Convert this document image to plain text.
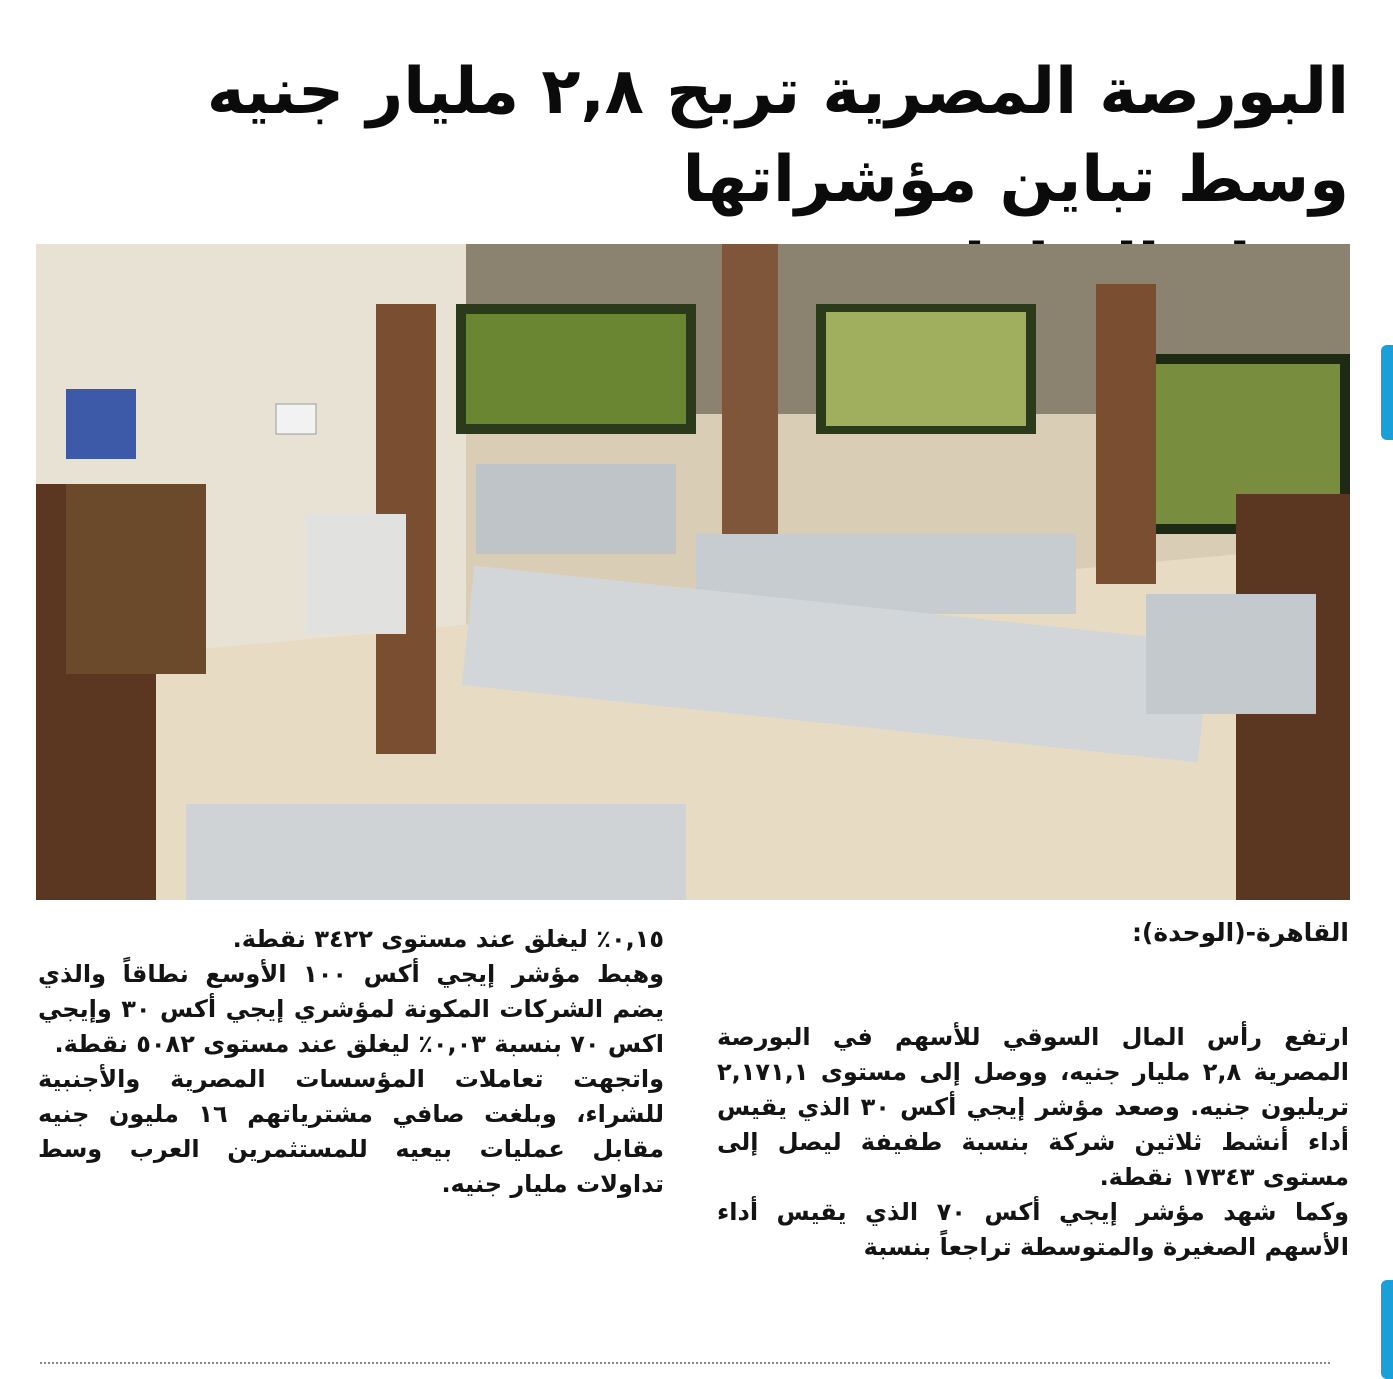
البورصة المصرية تربح ٢,٨ مليار جنيه وسط تباين مؤشراتها
القاهرة-(الوحدة):

ارتفع رأس المال السوقي للأسهم في البورصة المصرية ٢,٨ مليار جنيه، ووصل إلى مستوى ٢,١٧١,١ تريليون جنيه. وصعد مؤشر إيجي أكس ٣٠ الذي يقيس أداء أنشط ثلاثين شركة بنسبة طفيفة ليصل إلى مستوى ١٧٣٤٣ نقطة.

وكما شهد مؤشر إيجي أكس ٧٠ الذي يقيس أداء الأسهم الصغيرة والمتوسطة تراجعاً بنسبة

٠,١٥٪ ليغلق عند مستوى ٣٤٢٢ نقطة.

وهبط مؤشر إيجي أكس ١٠٠ الأوسع نطاقاً والذي يضم الشركات المكونة لمؤشري إيجي أكس ٣٠ وإيجي اكس ٧٠ بنسبة ٠,٠٣٪ ليغلق عند مستوى ٥٠٨٢ نقطة.

واتجهت تعاملات المؤسسات المصرية والأجنبية للشراء، وبلغت صافي مشترياتهم ١٦ مليون جنيه مقابل عمليات بيعيه للمستثمرين العرب وسط تداولات مليار جنيه.
